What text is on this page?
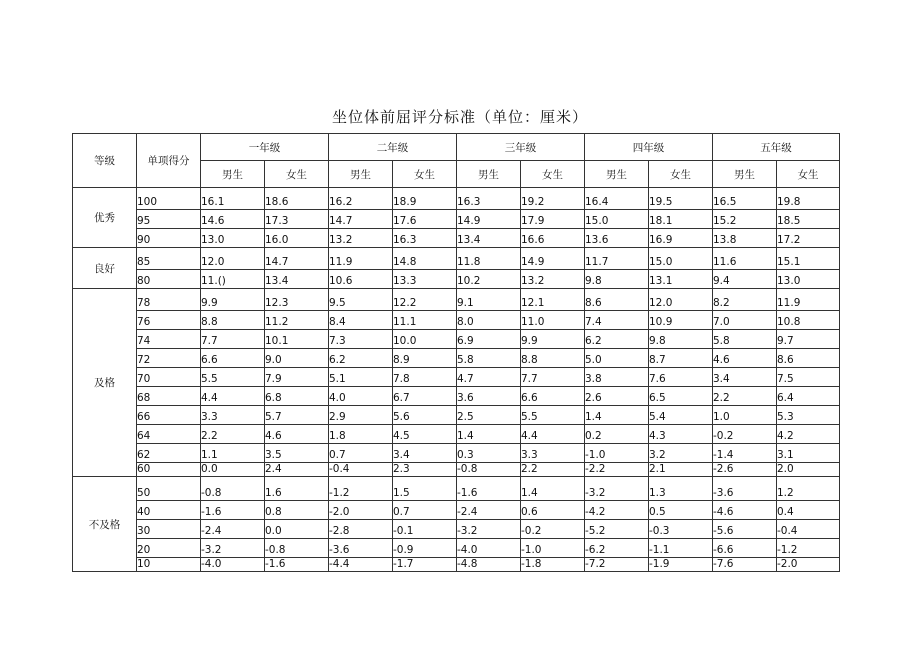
坐位体前屈评分标准（单位：厘米）
等级	单项得分	一年级		二年级		三年级		四年级		五年级	
		男生	女生	男生	女生	男生	女生	男生	女生	男生	女生
优秀	100	16.1	18.6	16.2	18.9	16.3	19.2	16.4	19.5	16.5	19.8
	95	14.6	17.3	14.7	17.6	14.9	17.9	15.0	18.1	15.2	18.5
	90	13.0	16.0	13.2	16.3	13.4	16.6	13.6	16.9	13.8	17.2
良好	85	12.0	14.7	11.9	14.8	11.8	14.9	11.7	15.0	11.6	15.1
	80	11.()	13.4	10.6	13.3	10.2	13.2	9.8	13.1	9.4	13.0
及格	78	9.9	12.3	9.5	12.2	9.1	12.1	8.6	12.0	8.2	11.9
	76	8.8	11.2	8.4	11.1	8.0	11.0	7.4	10.9	7.0	10.8
	74	7.7	10.1	7.3	10.0	6.9	9.9	6.2	9.8	5.8	9.7
	72	6.6	9.0	6.2	8.9	5.8	8.8	5.0	8.7	4.6	8.6
	70	5.5	7.9	5.1	7.8	4.7	7.7	3.8	7.6	3.4	7.5
	68	4.4	6.8	4.0	6.7	3.6	6.6	2.6	6.5	2.2	6.4
	66	3.3	5.7	2.9	5.6	2.5	5.5	1.4	5.4	1.0	5.3
	64	2.2	4.6	1.8	4.5	1.4	4.4	0.2	4.3	-0.2	4.2
	62	1.1	3.5	0.7	3.4	0.3	3.3	-1.0	3.2	-1.4	3.1
	60	0.0	2.4	-0.4	2.3	-0.8	2.2	-2.2	2.1	-2.6	2.0
不及格	50	-0.8	1.6	-1.2	1.5	-1.6	1.4	-3.2	1.3	-3.6	1.2
	40	-1.6	0.8	-2.0	0.7	-2.4	0.6	-4.2	0.5	-4.6	0.4
	30	-2.4	0.0	-2.8	-0.1	-3.2	-0.2	-5.2	-0.3	-5.6	-0.4
	20	-3.2	-0.8	-3.6	-0.9	-4.0	-1.0	-6.2	-1.1	-6.6	-1.2
	10	-4.0	-1.6	-4.4	-1.7	-4.8	-1.8	-7.2	-1.9	-7.6	-2.0
